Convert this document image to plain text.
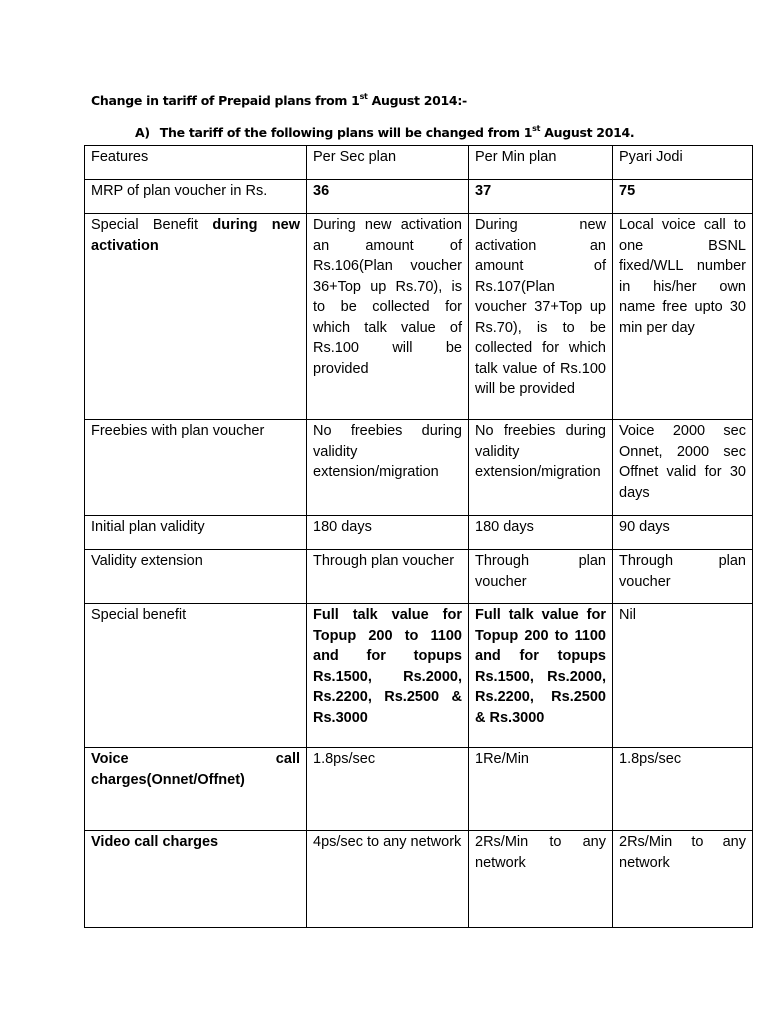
Change in tariff of Prepaid plans from 1st August 2014:-
A) The tariff of the following plans will be changed from 1st August 2014.
Features	Per Sec plan	Per Min plan	Pyari Jodi
MRP of plan voucher in Rs.	36	37	75
Special Benefit during new activation	During new activation an amount of Rs.106(Plan voucher 36+Top up Rs.70), is to be collected for which talk value of Rs.100 will be provided	During new activation an amount of Rs.107(Plan voucher 37+Top up Rs.70), is to be collected for which talk value of Rs.100 will be provided	Local voice call to one BSNL fixed/WLL number in his/her own name free upto 30 min per day
Freebies with plan voucher	No freebies during validity extension/migration	No freebies during validity extension/migration	Voice 2000 sec Onnet, 2000 sec Offnet valid for 30 days
Initial plan validity	180 days	180 days	90 days
Validity extension	Through plan voucher	Through plan voucher	Through plan voucher
Special benefit	Full talk value for Topup 200 to 1100 and for topups Rs.1500, Rs.2000, Rs.2200, Rs.2500 & Rs.3000	Full talk value for Topup 200 to 1100 and for topups Rs.1500, Rs.2000, Rs.2200, Rs.2500 & Rs.3000	Nil
Voice call charges(Onnet/Offnet)	1.8ps/sec	1Re/Min	1.8ps/sec
Video call charges	4ps/sec to any network	2Rs/Min to any network	2Rs/Min to any network
